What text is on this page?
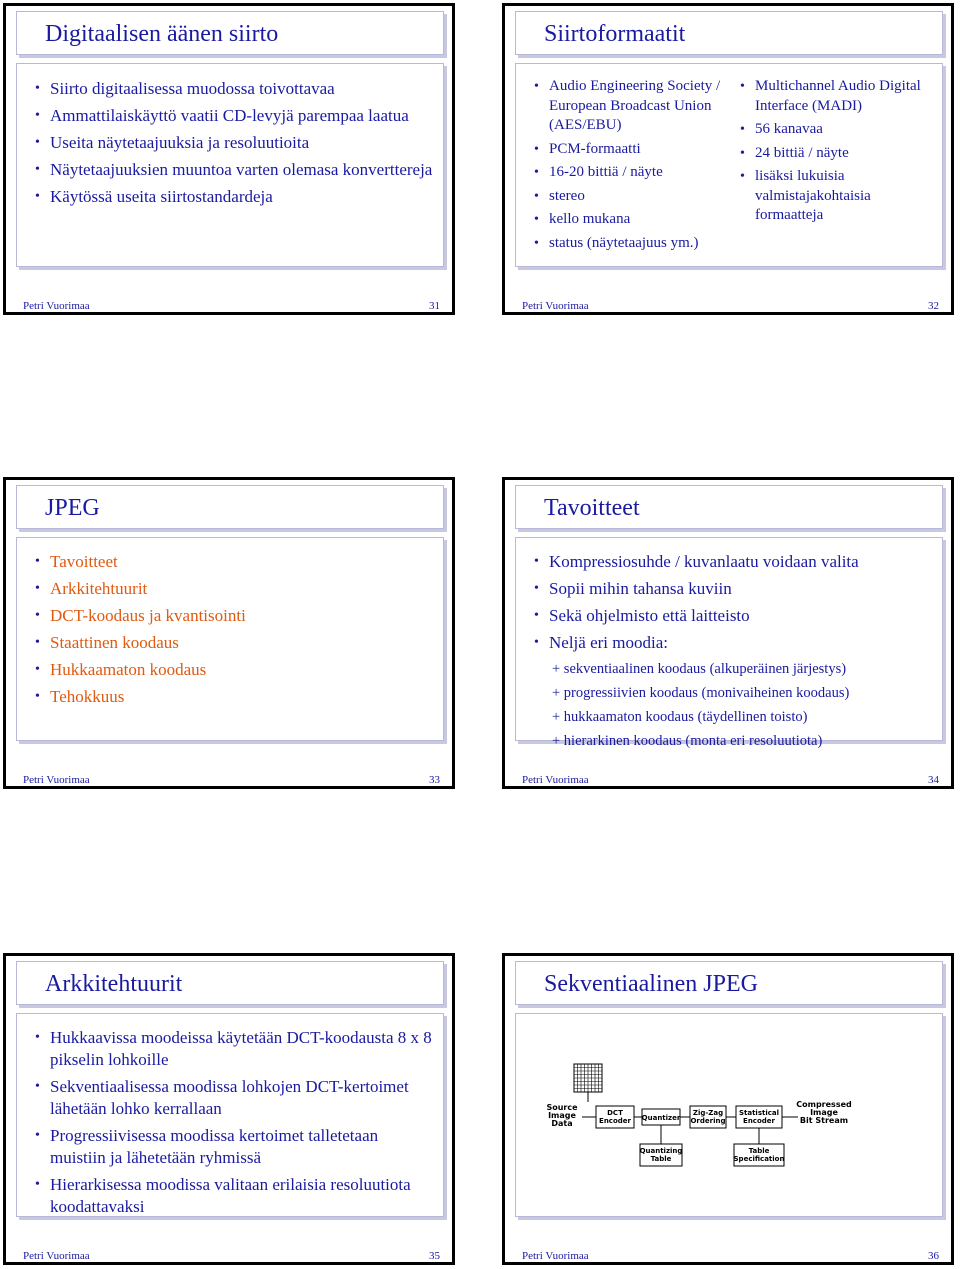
Digitaalisen äänen siirto
• Siirto digitaalisessa muodossa toivottavaa
• Ammattilaiskäyttö vaatii CD-levyjä parempaa laatua
• Useita näytetaajuuksia ja resoluutioita
• Näytetaajuuksien muuntoa varten olemasa konverttereja
• Käytössä useita siirtostandardeja
Petri Vuorimaa	31
Siirtoformaatit
• Audio Engineering Society / European Broadcast Union (AES/EBU)
• PCM-formaatti
• 16-20 bittiä / näyte
• stereo
• kello mukana
• status (näytetaajuus ym.)
• Multichannel Audio Digital Interface (MADI)
• 56 kanavaa
• 24 bittiä / näyte
• lisäksi lukuisia valmistajakohtaisia formaatteja
Petri Vuorimaa	32
JPEG
• Tavoitteet
• Arkkitehtuurit
• DCT-koodaus ja kvantisointi
• Staattinen koodaus
• Hukkaamaton koodaus
• Tehokkuus
Petri Vuorimaa	33
Tavoitteet
• Kompressiosuhde / kuvanlaatu voidaan valita
• Sopii mihin tahansa kuviin
• Sekä ohjelmisto että laitteisto
• Neljä eri moodia:
+ sekventiaalinen koodaus (alkuperäinen järjestys)
+ progressiivien koodaus (monivaiheinen koodaus)
+ hukkaamaton koodaus (täydellinen toisto)
+ hierarkinen koodaus (monta eri resoluutiota)
Petri Vuorimaa	34
Arkkitehtuurit
• Hukkaavissa moodeissa käytetään DCT-koodausta 8 x 8 pikselin lohkoille
• Sekventiaalisessa moodissa lohkojen DCT-kertoimet lähetään lohko kerrallaan
• Progressiivisessa moodissa kertoimet talletetaan muistiin ja lähetetään ryhmissä
• Hierarkisessa moodissa valitaan erilaisia resoluutiota koodattavaksi
Petri Vuorimaa	35
Sekventiaalinen JPEG
Source
Image
Data
DCT
Encoder Quantizer
Zig-Zag
Ordering
Statistical
Encoder
Compressed
Image
Bit Stream
Quantizing
Table
Table
Specification
Petri Vuorimaa	36
